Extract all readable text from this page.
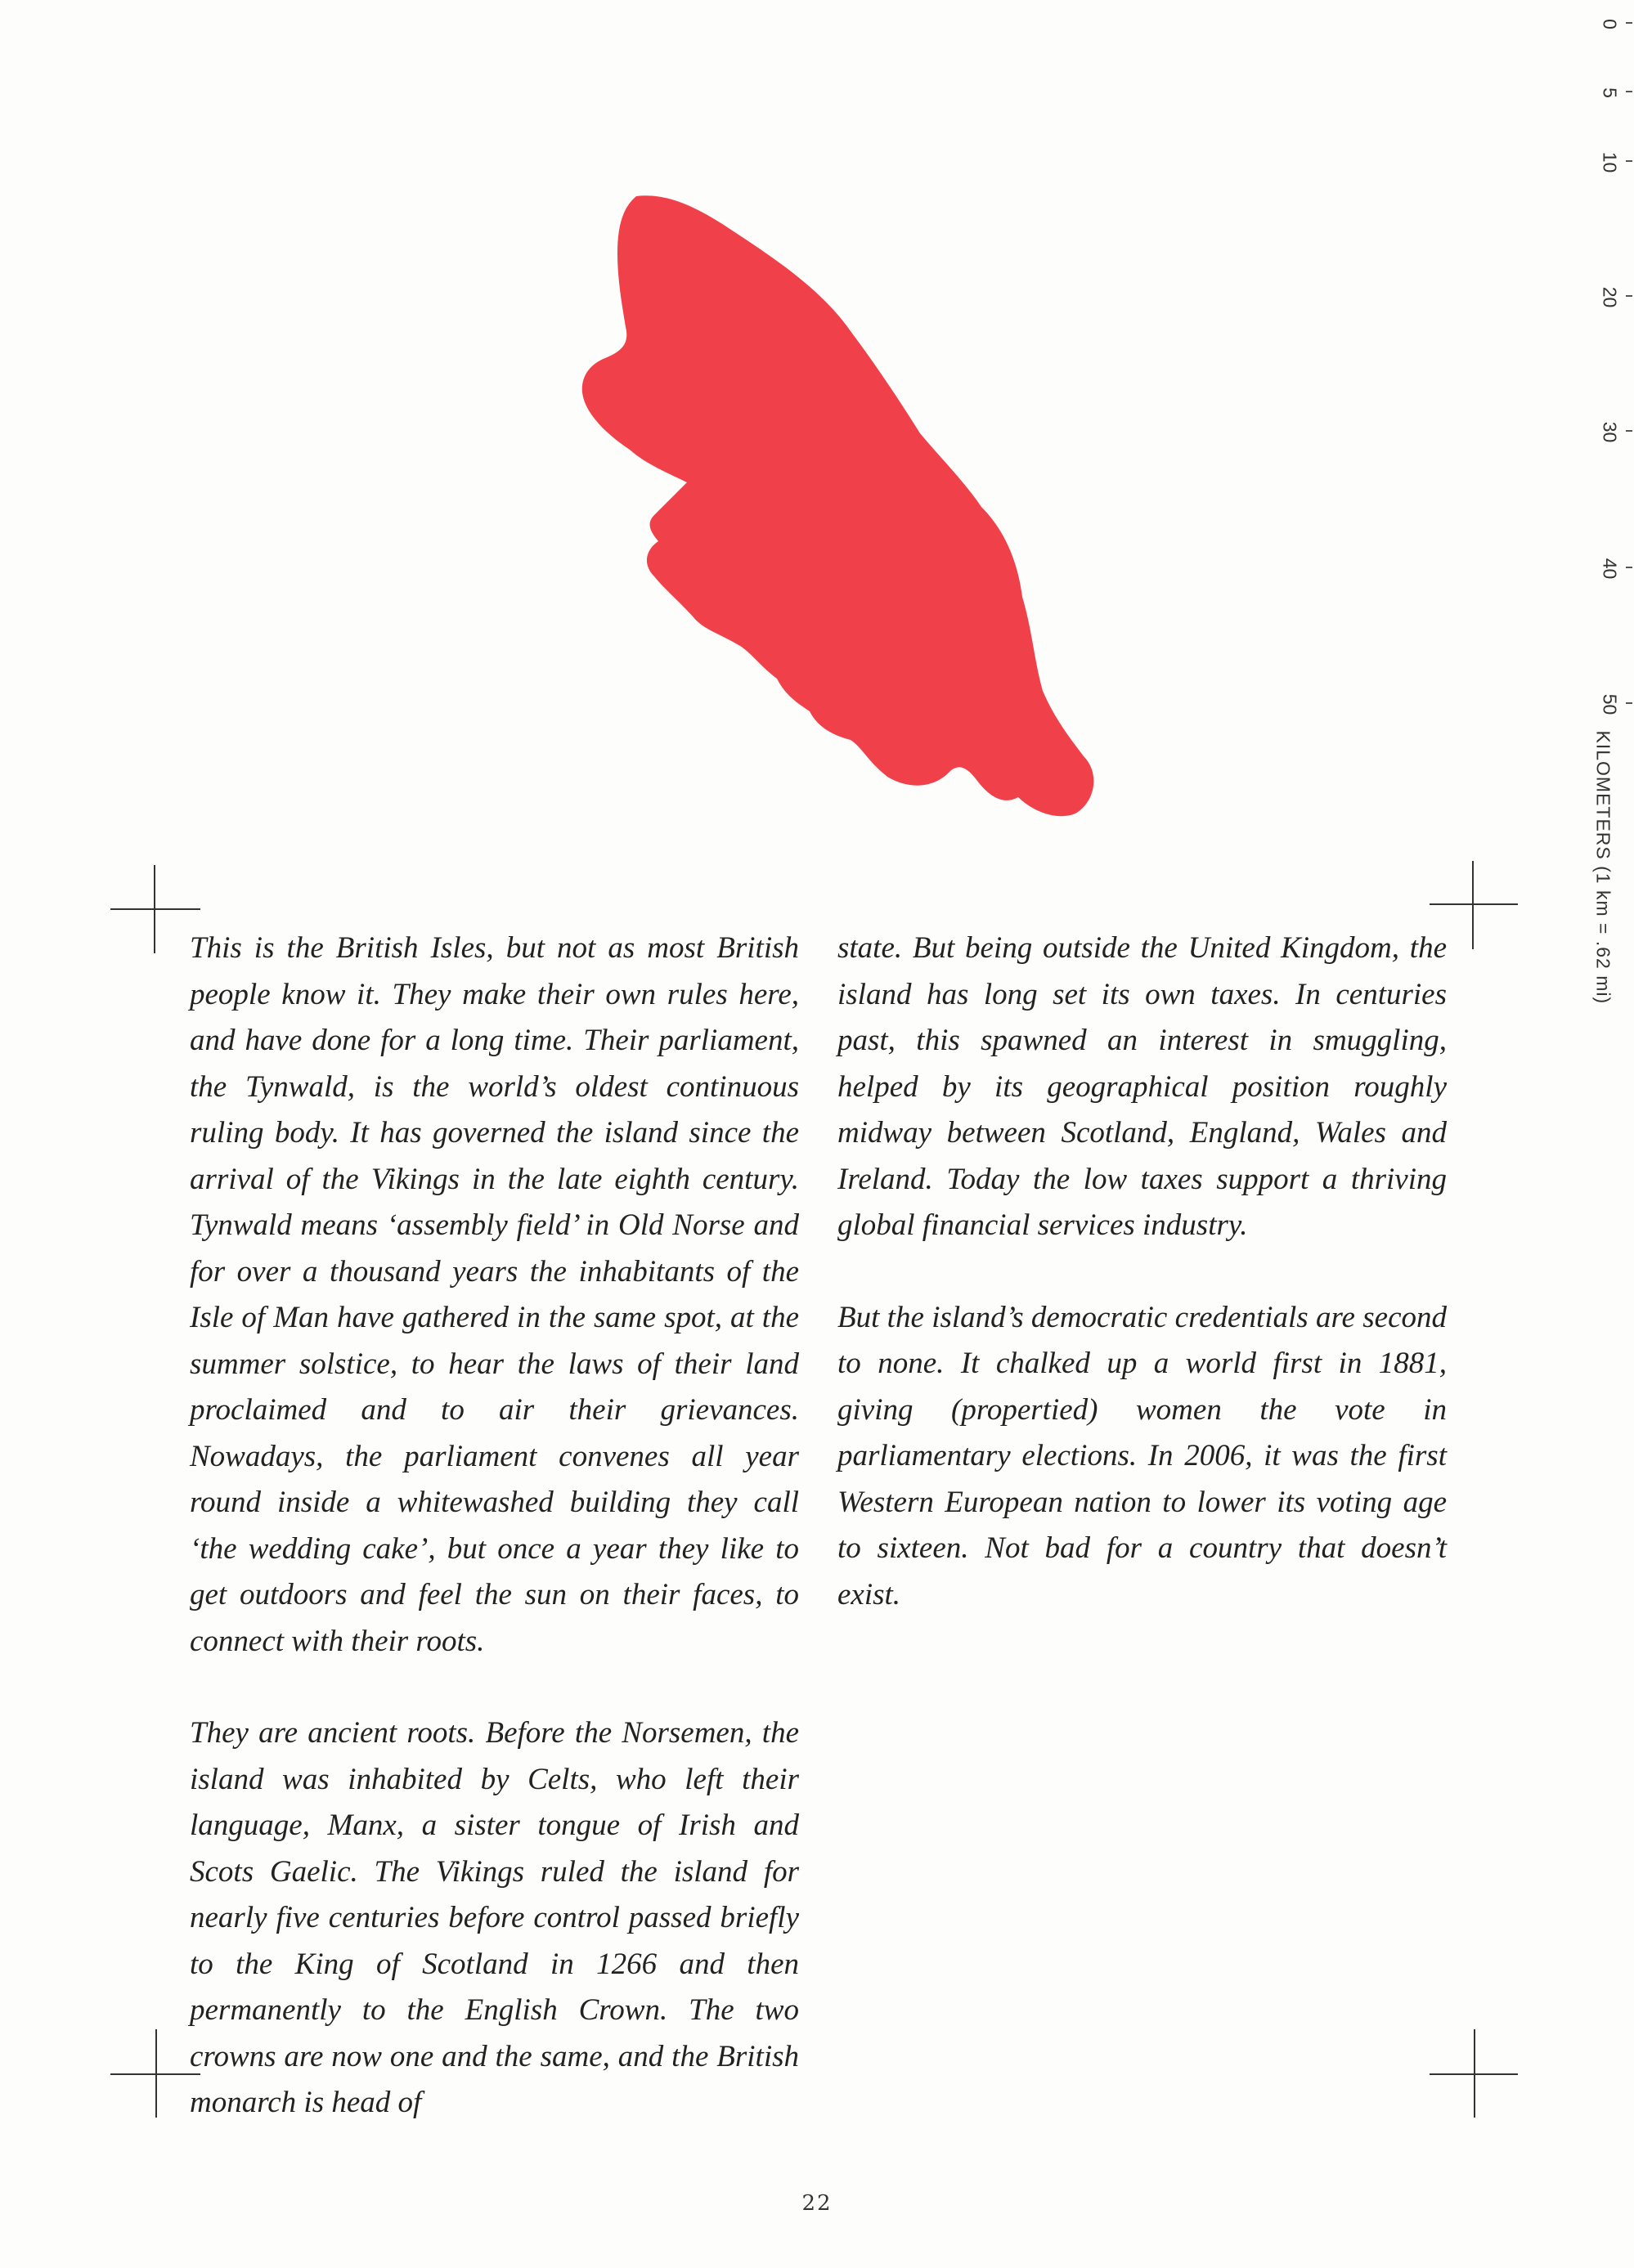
0
5
10
20
30
40
50
KILOMETERS (1 km = .62 mi)

This is the British Isles, but not as most British people know it. They make their own rules here, and have done for a long time. Their parliament, the Tynwald, is the world’s oldest continuous ruling body. It has governed the island since the arrival of the Vikings in the late eighth century. Tynwald means ‘assembly field’ in Old Norse and for over a thousand years the inhabitants of the Isle of Man have gathered in the same spot, at the summer solstice, to hear the laws of their land proclaimed and to air their grievances. Nowadays, the parliament convenes all year round inside a whitewashed building they call ‘the wedding cake’, but once a year they like to get outdoors and feel the sun on their faces, to connect with their roots.

They are ancient roots. Before the Norsemen, the island was inhabited by Celts, who left their language, Manx, a sister tongue of Irish and Scots Gaelic. The Vikings ruled the island for nearly five centuries before control passed briefly to the King of Scotland in 1266 and then permanently to the English Crown. The two crowns are now one and the same, and the British monarch is head of

state. But being outside the United Kingdom, the island has long set its own taxes. In centuries past, this spawned an interest in smuggling, helped by its geographical position roughly midway between Scotland, England, Wales and Ireland. Today the low taxes support a thriving global financial services industry.

But the island’s democratic credentials are second to none. It chalked up a world first in 1881, giving (propertied) women the vote in parliamentary elections. In 2006, it was the first Western European nation to lower its voting age to sixteen. Not bad for a country that doesn’t exist.

22
